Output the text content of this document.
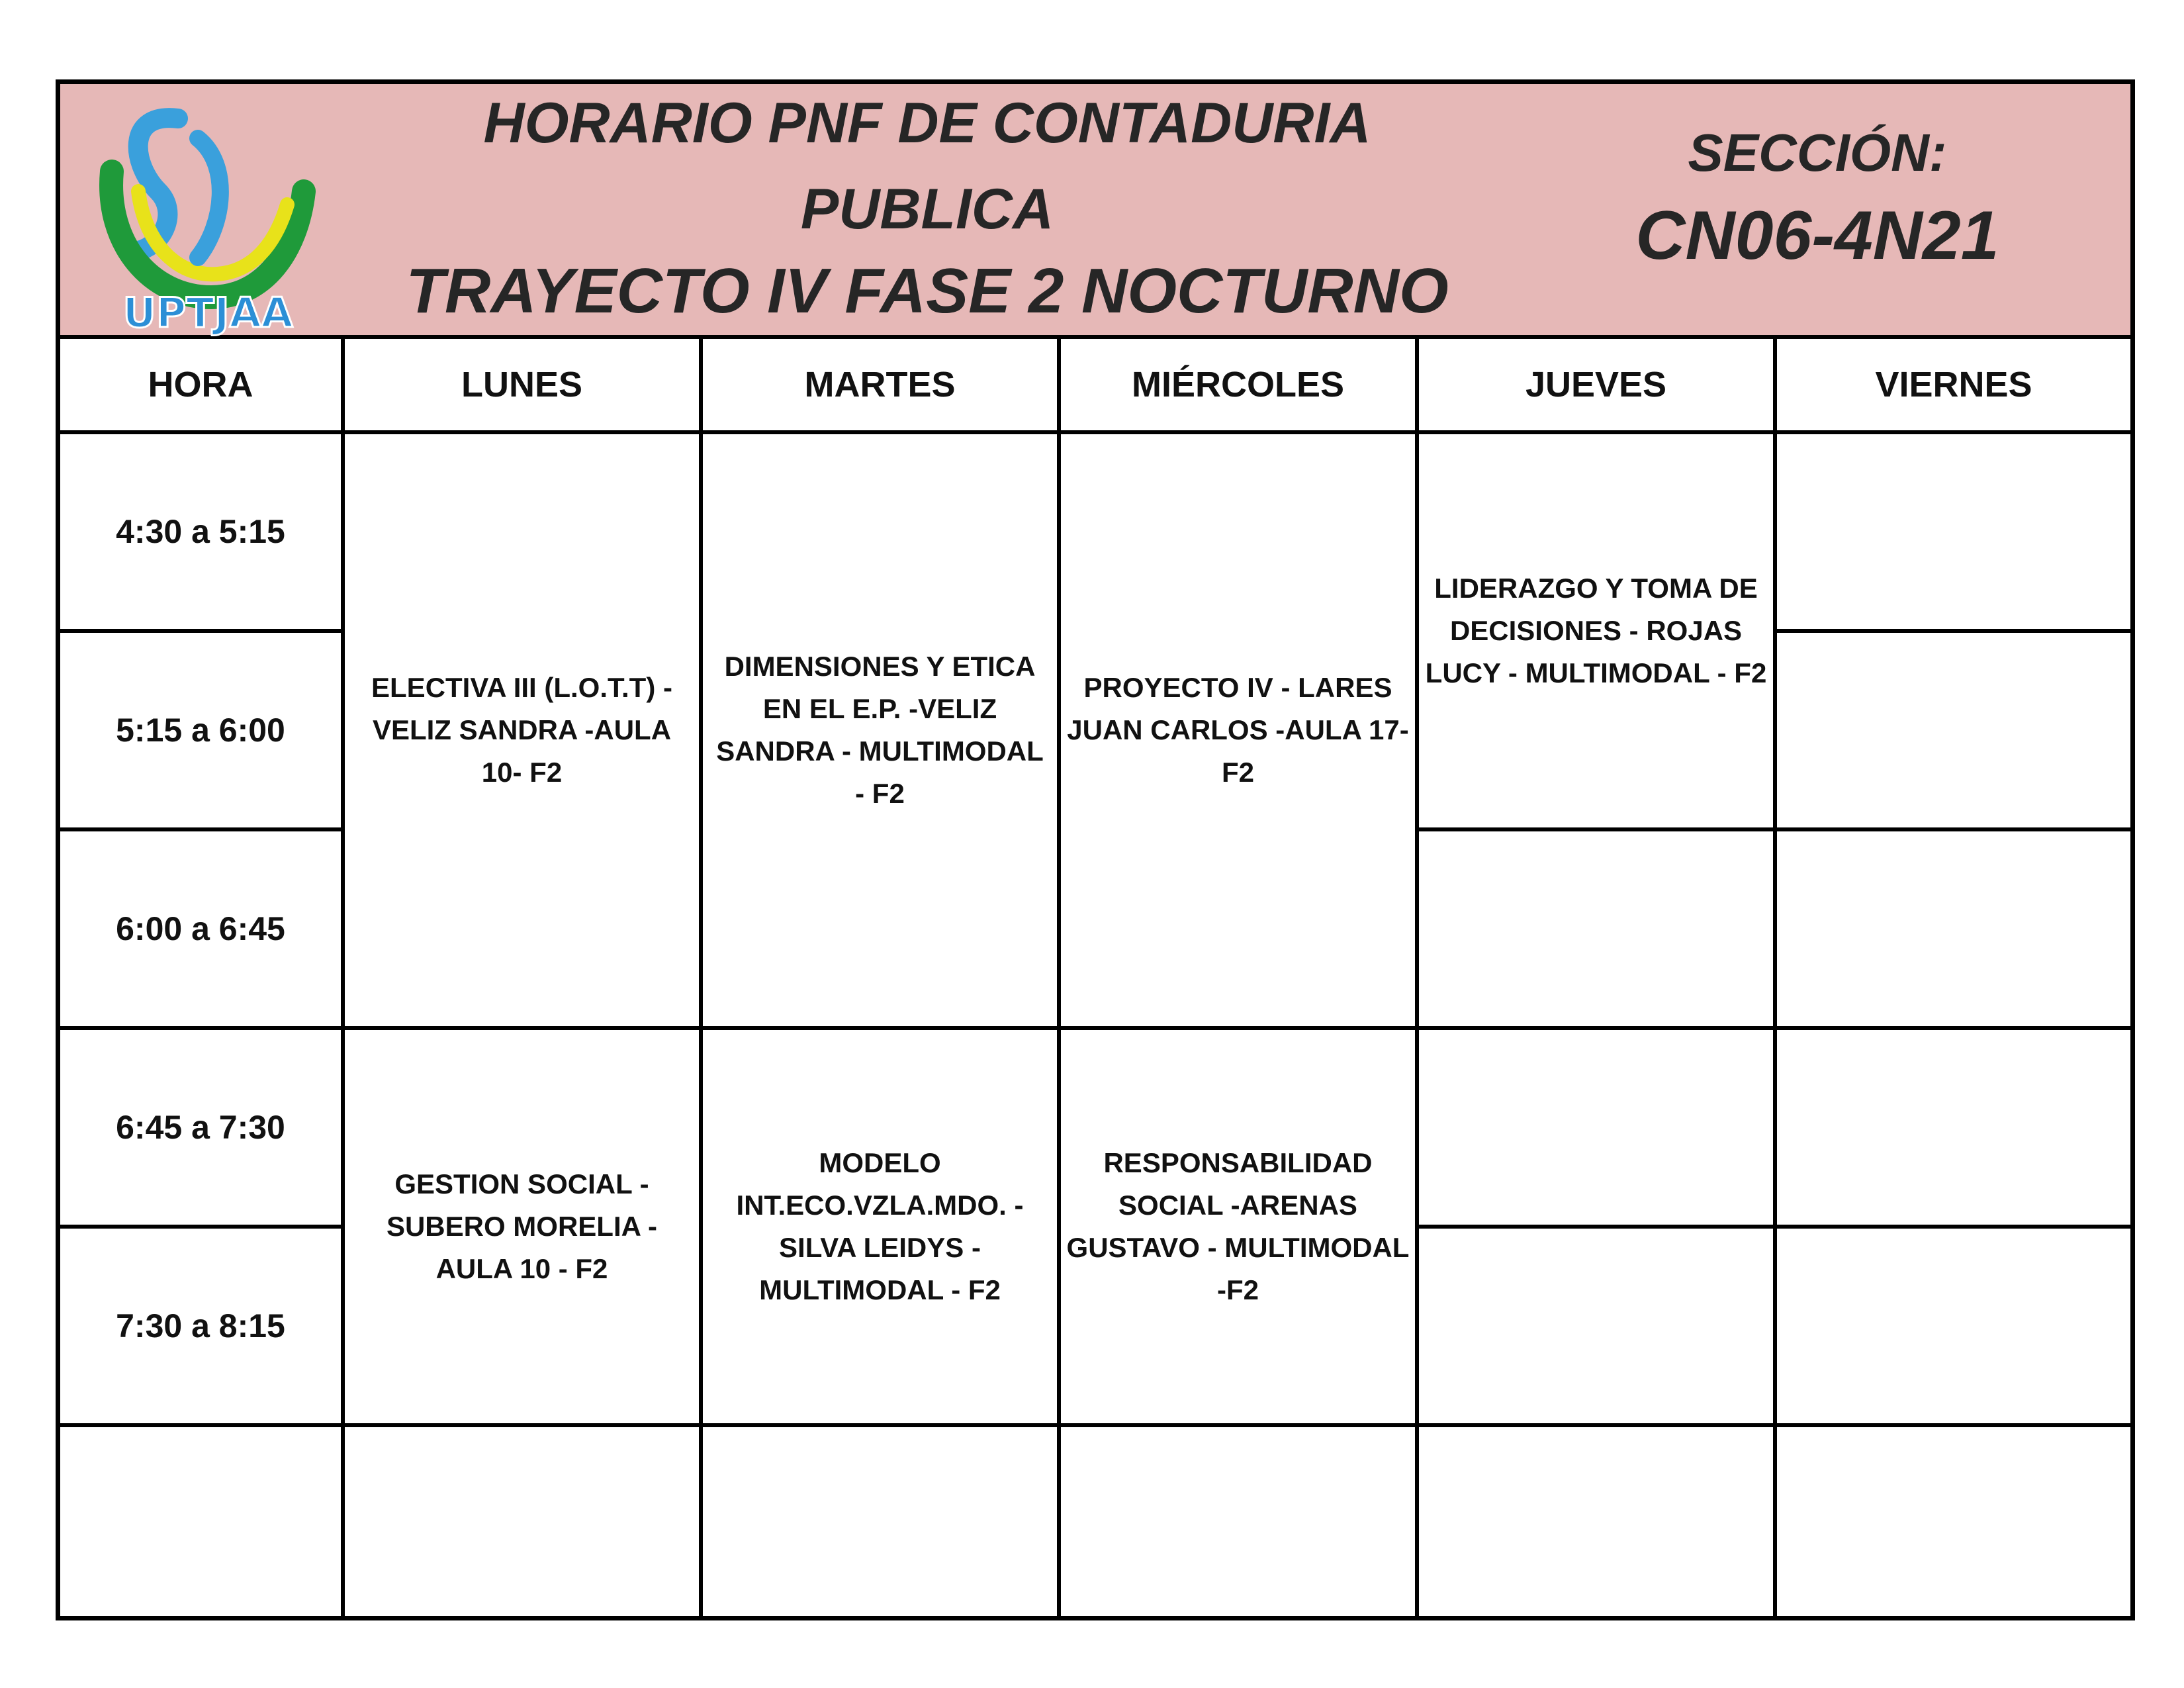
UPTJAA
HORARIO PNF DE CONTADURIA
PUBLICA
TRAYECTO IV FASE 2 NOCTURNO
SECCIÓN:
CN06-4N21
HORA	LUNES	MARTES	MIÉRCOLES	JUEVES	VIERNES
4:30 a 5:15	ELECTIVA III (L.O.T.T) - VELIZ SANDRA -AULA 10- F2	DIMENSIONES Y ETICA EN EL E.P. -VELIZ SANDRA - MULTIMODAL - F2	PROYECTO IV - LARES JUAN CARLOS -AULA 17- F2	LIDERAZGO Y TOMA DE DECISIONES - ROJAS LUCY - MULTIMODAL - F2	
5:15 a 6:00					
6:00 a 6:45					
6:45 a 7:30	GESTION SOCIAL - SUBERO MORELIA - AULA 10 - F2	MODELO INT.ECO.VZLA.MDO. - SILVA LEIDYS - MULTIMODAL - F2	RESPONSABILIDAD SOCIAL -ARENAS GUSTAVO - MULTIMODAL -F2		
7:30 a 8:15					
